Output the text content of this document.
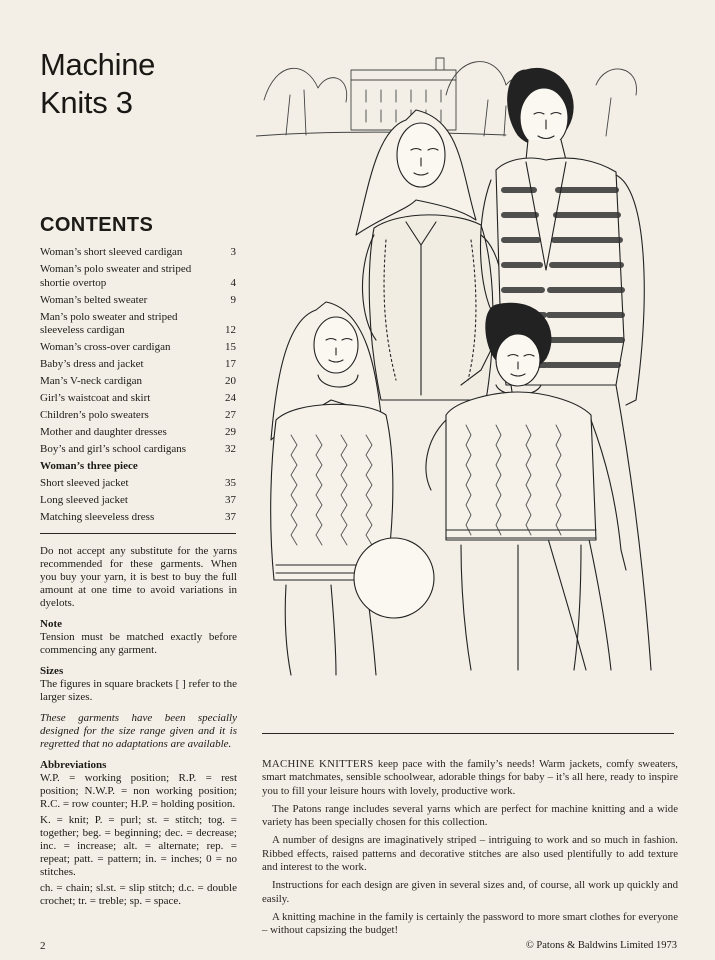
Machine
Knits 3
CONTENTS
Woman’s short sleeved cardigan	3
Woman’s polo sweater and striped shortie overtop	4
Woman’s belted sweater	9
Man’s polo sweater and striped sleeveless cardigan	12
Woman’s cross-over cardigan	15
Baby’s dress and jacket	17
Man’s V-neck cardigan	20
Girl’s waistcoat and skirt	24
Children’s polo sweaters	27
Mother and daughter dresses	29
Boy’s and girl’s school cardigans	32
Woman’s three piece
Short sleeved jacket	35
Long sleeved jacket	37
Matching sleeveless dress	37

Do not accept any substitute for the yarns recommended for these garments. When you buy your yarn, it is best to buy the full amount at one time to avoid variations in dyelots.

Note

Tension must be matched exactly before commencing any garment.

Sizes

The figures in square brackets [ ] refer to the larger sizes.

These garments have been specially designed for the size range given and it is regretted that no adaptations are available.

Abbreviations

W.P. = working position; R.P. = rest position; N.W.P. = non working position; R.C. = row counter; H.P. = holding position.

K. = knit; P. = purl; st. = stitch; tog. = together; beg. = beginning; dec. = decrease; inc. = increase; alt. = alternate; rep. = repeat; patt. = pattern; in. = inches; 0 = no stitches.

ch. = chain; sl.st. = slip stitch; d.c. = double crochet; tr. = treble; sp. = space.

MACHINE KNITTERS keep pace with the family’s needs! Warm jackets, comfy sweaters, smart matchmates, sensible schoolwear, adorable things for baby – it’s all here, ready to inspire you to fill your leisure hours with lovely, productive work.

The Patons range includes several yarns which are perfect for machine knitting and a wide variety has been specially chosen for this collection.

A number of designs are imaginatively striped – intriguing to work and so much in fashion. Ribbed effects, raised patterns and decorative stitches are also used plentifully to add texture and interest to the work.

Instructions for each design are given in several sizes and, of course, all work up quickly and easily.

A knitting machine in the family is certainly the password to more smart clothes for everyone – without capsizing the budget!

2	© Patons & Baldwins Limited 1973
